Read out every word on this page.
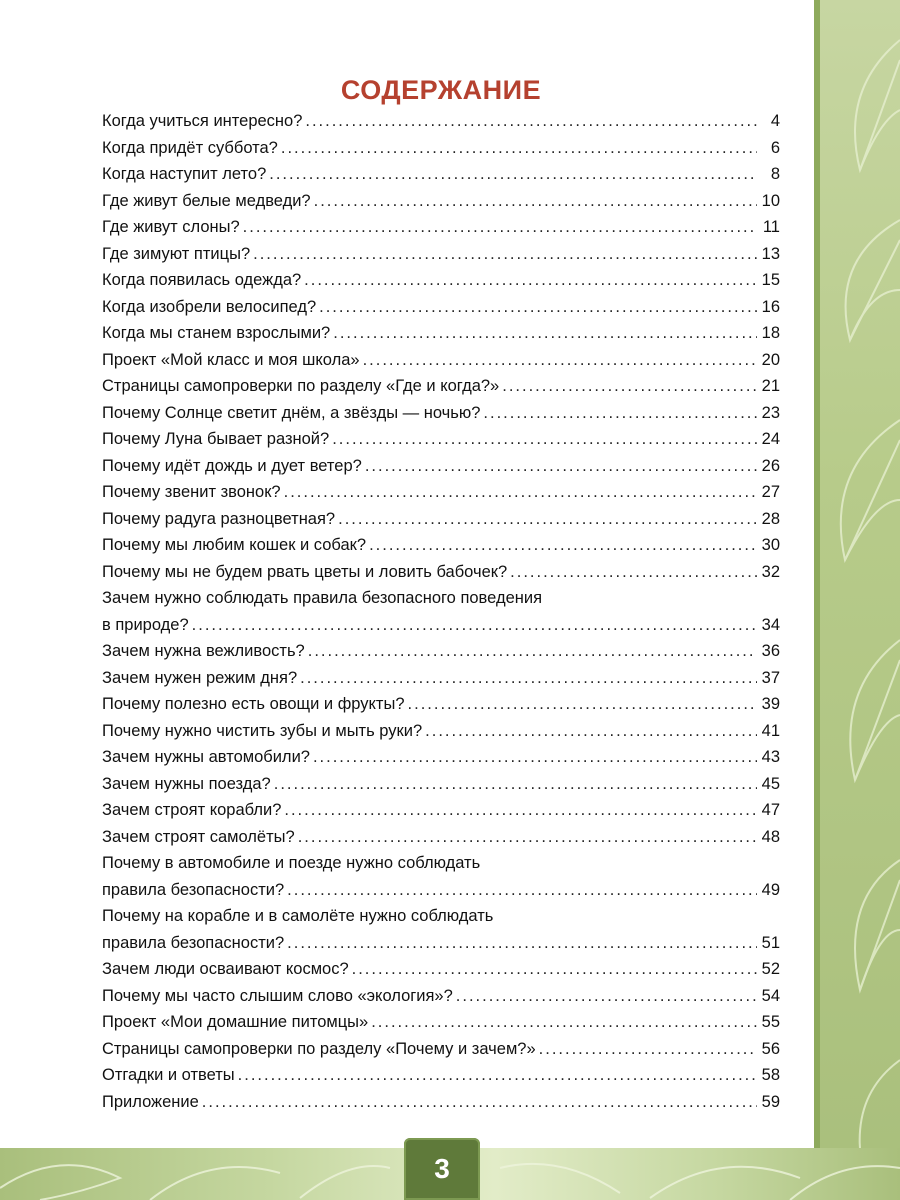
3
СОДЕРЖАНИЕ
Когда учиться интересно? .....	4
Когда придёт суббота? .....	6
Когда наступит лето? .....	8
Где живут белые медведи? .....	10
Где живут слоны? .....	11
Где зимуют птицы? .....	13
Когда появилась одежда? .....	15
Когда изобрели велосипед? .....	16
Когда мы станем взрослыми? .....	18
Проект «Мой класс и моя школа» .....	20
Страницы самопроверки по разделу «Где и когда?» .....	21
Почему Солнце светит днём, а звёзды — ночью? .....	23
Почему Луна бывает разной? .....	24
Почему идёт дождь и дует ветер? .....	26
Почему звенит звонок? .....	27
Почему радуга разноцветная? .....	28
Почему мы любим кошек и собак? .....	30
Почему мы не будем рвать цветы и ловить бабочек? .....	32
Зачем нужно соблюдать правила безопасного поведения
в природе? .....	34
Зачем нужна вежливость? .....	36
Зачем нужен режим дня? .....	37
Почему полезно есть овощи и фрукты? .....	39
Почему нужно чистить зубы и мыть руки? .....	41
Зачем нужны автомобили? .....	43
Зачем нужны поезда? .....	45
Зачем строят корабли? .....	47
Зачем строят самолёты? .....	48
Почему в автомобиле и поезде нужно соблюдать
правила безопасности? .....	49
Почему на корабле и в самолёте нужно соблюдать
правила безопасности? .....	51
Зачем люди осваивают космос? .....	52
Почему мы часто слышим слово «экология»? .....	54
Проект «Мои домашние питомцы» .....	55
Страницы самопроверки по разделу «Почему и зачем?» .....	56
Отгадки и ответы .....	58
Приложение .....	59
